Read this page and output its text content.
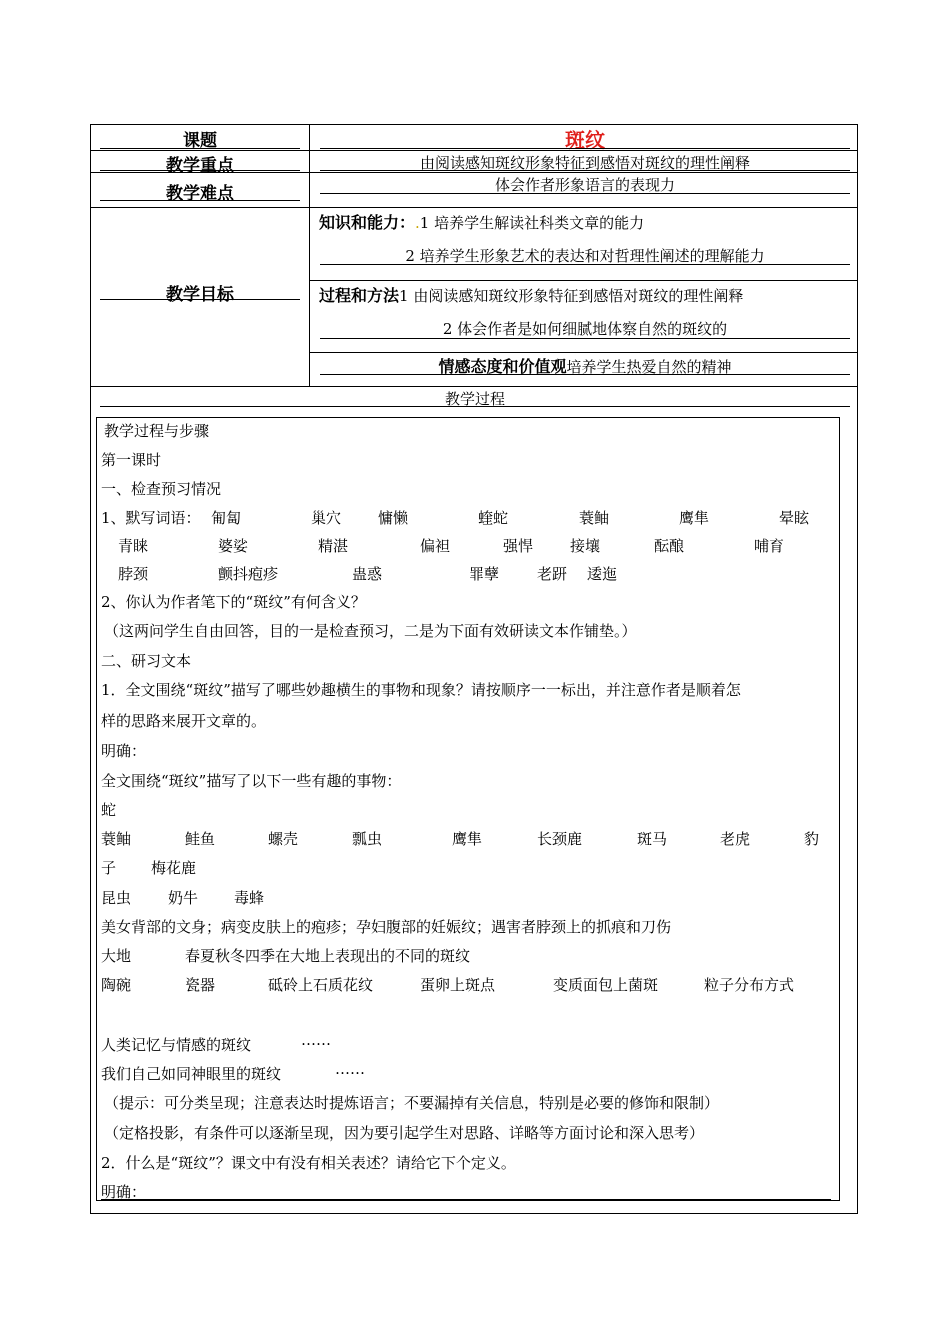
课题	斑纹
教学重点	由阅读感知斑纹形象特征到感悟对斑纹的理性阐释
教学难点	体会作者形象语言的表现力
教学目标
知识和能力：.1 培养学生解读社科类文章的能力
2 培养学生形象艺术的表达和对哲理性阐述的理解能力
过程和方法1 由阅读感知斑纹形象特征到感悟对斑纹的理性阐释
2 体会作者是如何细腻地体察自然的斑纹的
情感态度和价值观培养学生热爱自然的精神
教学过程
教学过程与步骤
第一课时
一、检查预习情况
1、默写词语： 匍匐	巢穴 慵懒	蝰蛇	蓑鲉	鹰隼	晕眩
青睐	婆娑	精湛	偏袒	强悍 接壤	酝酿	哺育
脖颈	颤抖疱疹	蛊惑	罪孽	老趼 逶迤
2、你认为作者笔下的“斑纹”有何含义？
（这两问学生自由回答，目的一是检查预习，二是为下面有效研读文本作铺垫。）
二、研习文本
1．全文围绕“斑纹”描写了哪些妙趣横生的事物和现象？请按顺序一一标出，并注意作者是顺着怎
样的思路来展开文章的。
明确：
全文围绕“斑纹”描写了以下一些有趣的事物：
蛇
蓑鲉	鲑鱼	螺壳	瓢虫	鹰隼	长颈鹿	斑马	老虎	豹
子 梅花鹿
昆虫 奶牛 毒蜂
美女背部的文身；病变皮肤上的疱疹；孕妇腹部的妊娠纹；遇害者脖颈上的抓痕和刀伤
大地	春夏秋冬四季在大地上表现出的不同的斑纹
陶碗	瓷器	砥砱上石质花纹	蛋卵上斑点	变质面包上菌斑	粒子分布方式
人类记忆与情感的斑纹	……
我们自己如同神眼里的斑纹	……
（提示：可分类呈现；注意表达时提炼语言；不要漏掉有关信息，特别是必要的修饰和限制）
（定格投影，有条件可以逐渐呈现，因为要引起学生对思路、详略等方面讨论和深入思考）
2．什么是“斑纹”？课文中有没有相关表述？请给它下个定义。
明确：
